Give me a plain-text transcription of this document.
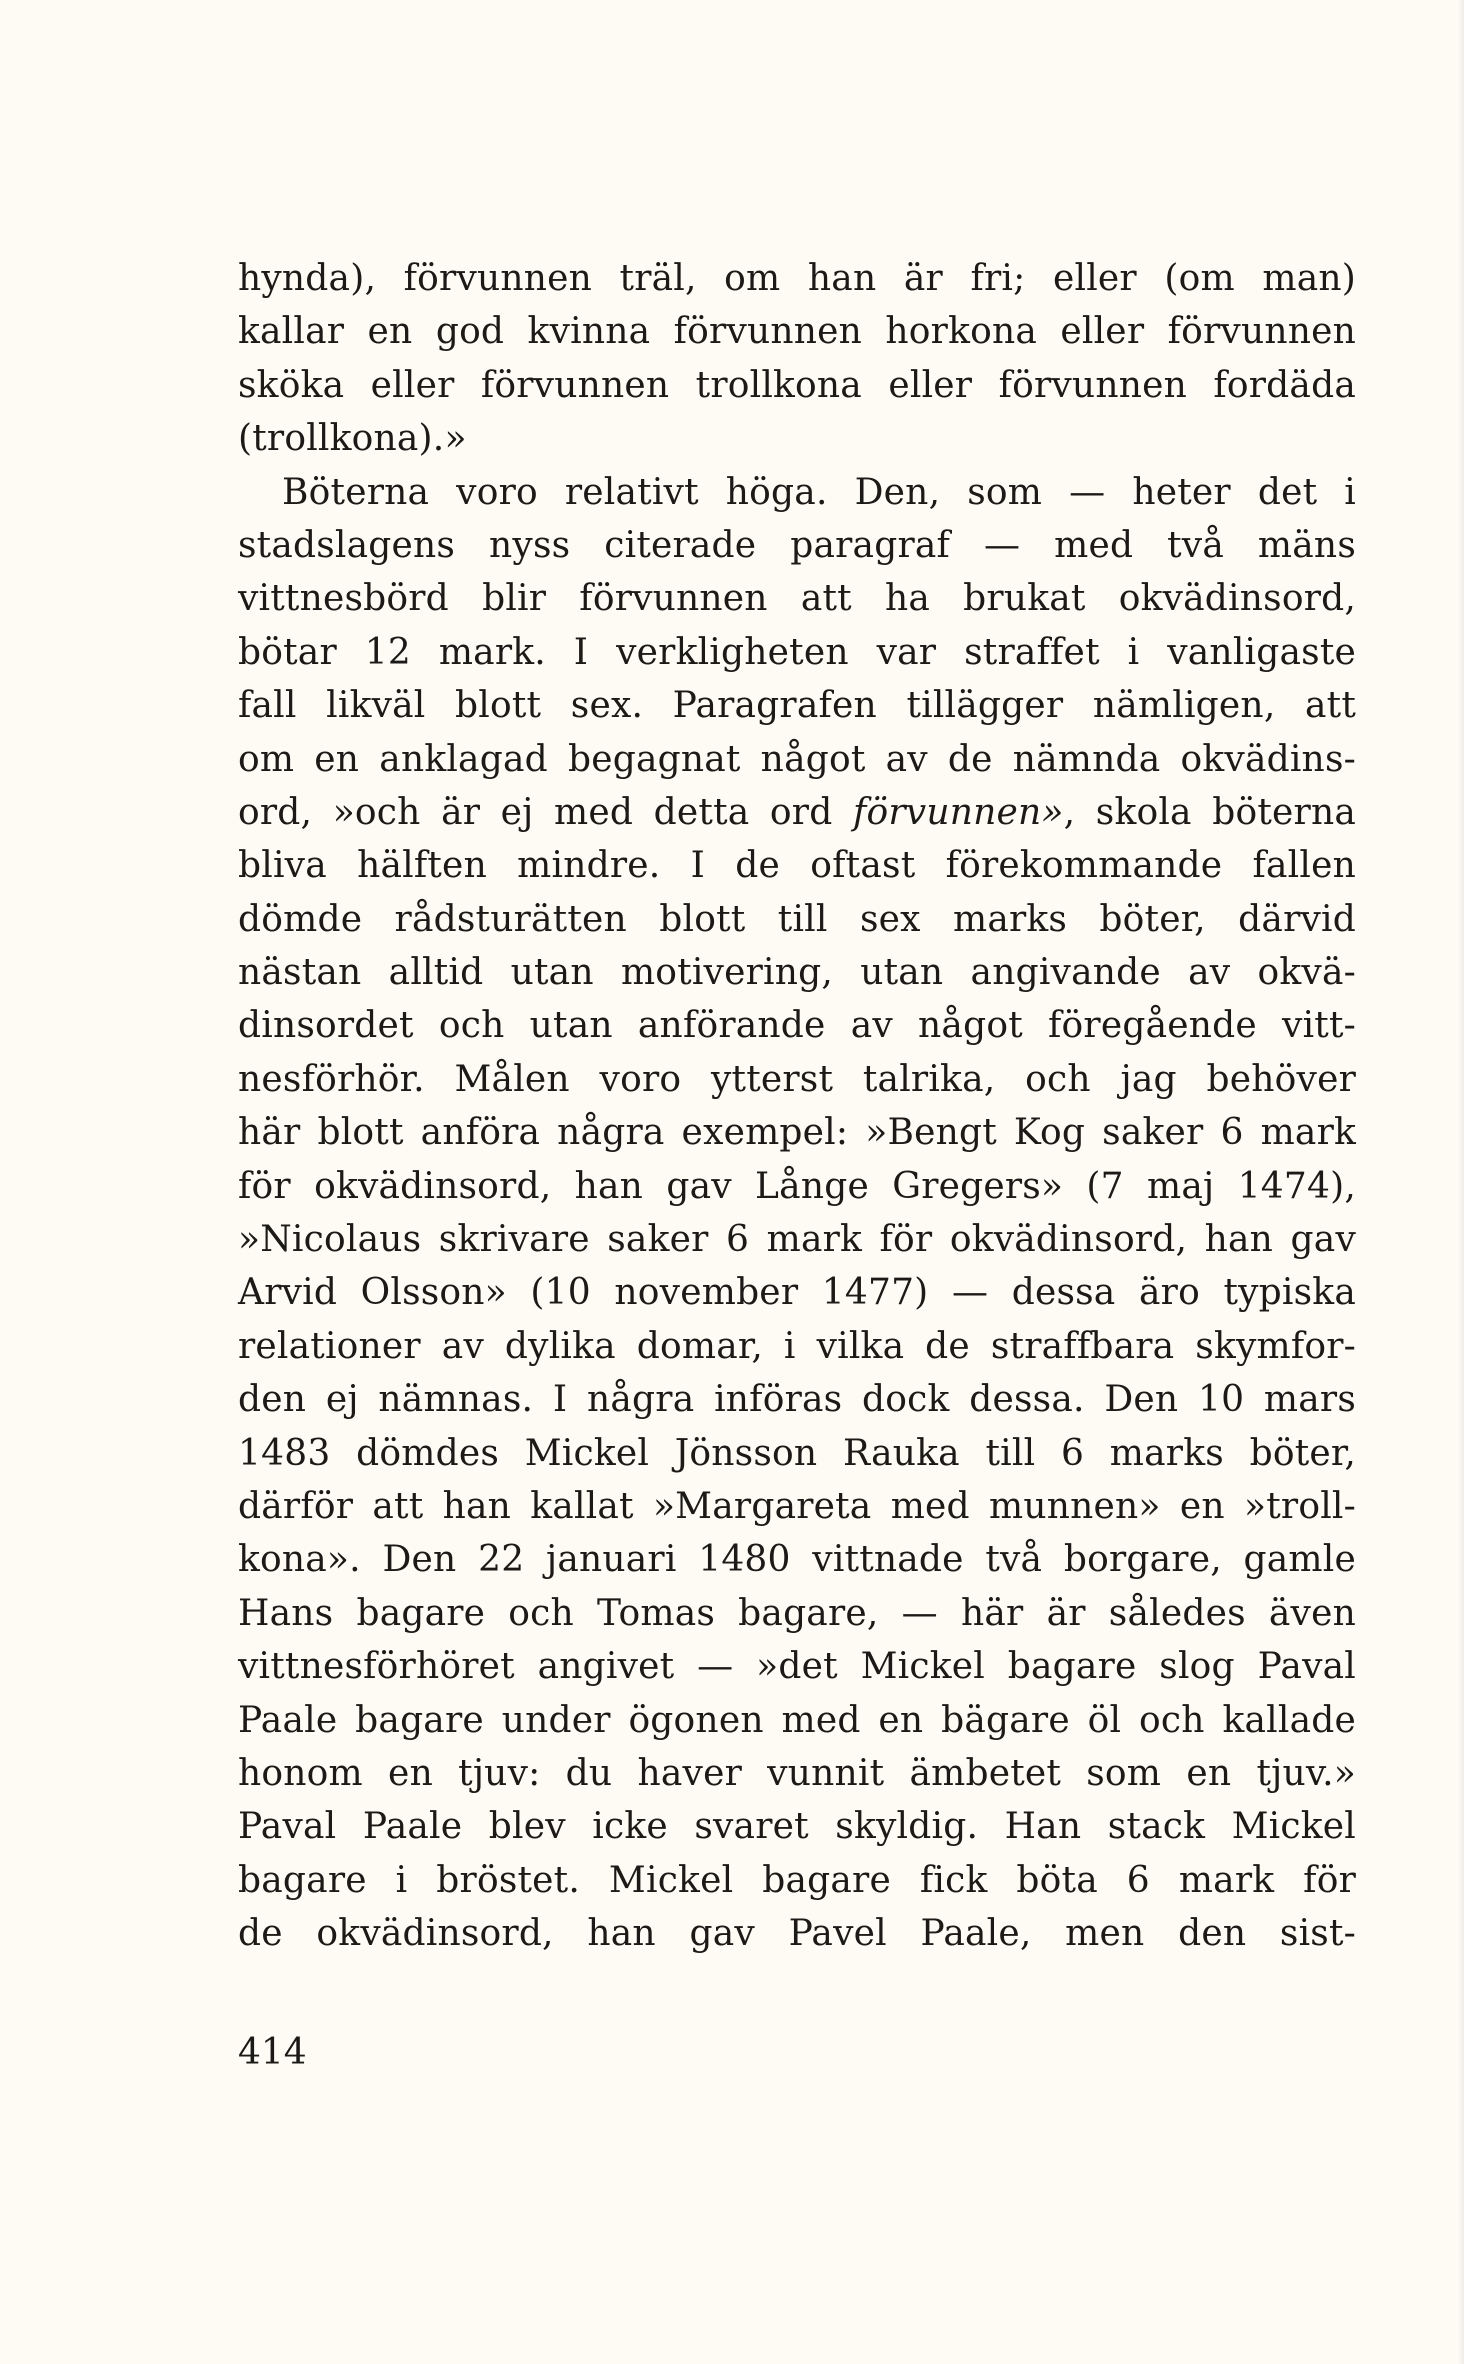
hynda), förvunnen träl, om han är fri; eller (om man)
kallar en god kvinna förvunnen horkona eller förvunnen
sköka eller förvunnen trollkona eller förvunnen fordäda
(trollkona).»
Böterna voro relativt höga. Den, som — heter det i
stadslagens nyss citerade paragraf — med två mäns
vittnesbörd blir förvunnen att ha brukat okvädinsord,
bötar 12 mark. I verkligheten var straffet i vanligaste
fall likväl blott sex. Paragrafen tillägger nämligen, att
om en anklagad begagnat något av de nämnda okvädins-
ord, »och är ej med detta ord förvunnen», skola böterna
bliva hälften mindre. I de oftast förekommande fallen
dömde rådsturätten blott till sex marks böter, därvid
nästan alltid utan motivering, utan angivande av okvä-
dinsordet och utan anförande av något föregående vitt-
nesförhör. Målen voro ytterst talrika, och jag behöver
här blott anföra några exempel: »Bengt Kog saker 6 mark
för okvädinsord, han gav Långe Gregers» (7 maj 1474),
»Nicolaus skrivare saker 6 mark för okvädinsord, han gav
Arvid Olsson» (10 november 1477) — dessa äro typiska
relationer av dylika domar, i vilka de straffbara skymfor-
den ej nämnas. I några införas dock dessa. Den 10 mars
1483 dömdes Mickel Jönsson Rauka till 6 marks böter,
därför att han kallat »Margareta med munnen» en »troll-
kona». Den 22 januari 1480 vittnade två borgare, gamle
Hans bagare och Tomas bagare, — här är således även
vittnesförhöret angivet — »det Mickel bagare slog Paval
Paale bagare under ögonen med en bägare öl och kallade
honom en tjuv: du haver vunnit ämbetet som en tjuv.»
Paval Paale blev icke svaret skyldig. Han stack Mickel
bagare i bröstet. Mickel bagare fick böta 6 mark för
de okvädinsord, han gav Pavel Paale, men den sist-
414
